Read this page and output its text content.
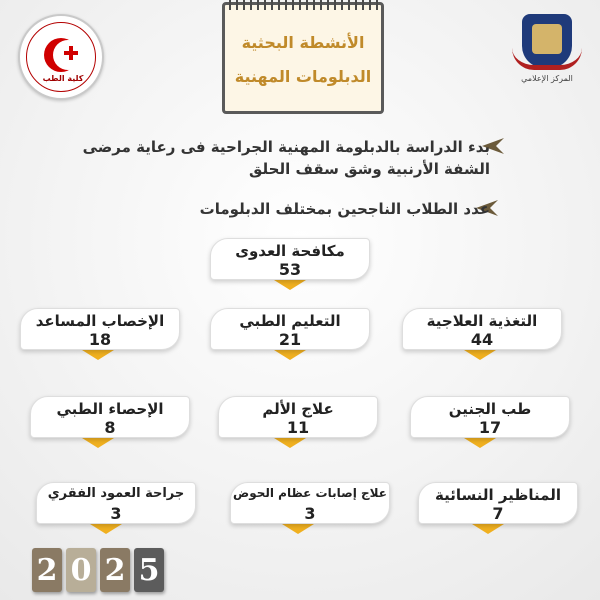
كلية الطب
الأنشطة البحثية
الدبلومات المهنية	المركز الإعلامي
بدء الدراسة بالدبلومة المهنية الجراحية فى رعاية مرضى الشفة الأرنبية وشق سقف الحلق
عدد الطلاب الناجحين بمختلف الدبلومات
مكافحة العدوى
53
الإخصاب المساعد
18
التعليم الطبي
21
التغذية العلاجية
44
الإحصاء الطبي
8
علاج الألم
11
طب الجنين
17
جراحة العمود الفقري
3
علاج إصابات عظام الحوض
3
المناظير النسائية
7
2 0 2 5
